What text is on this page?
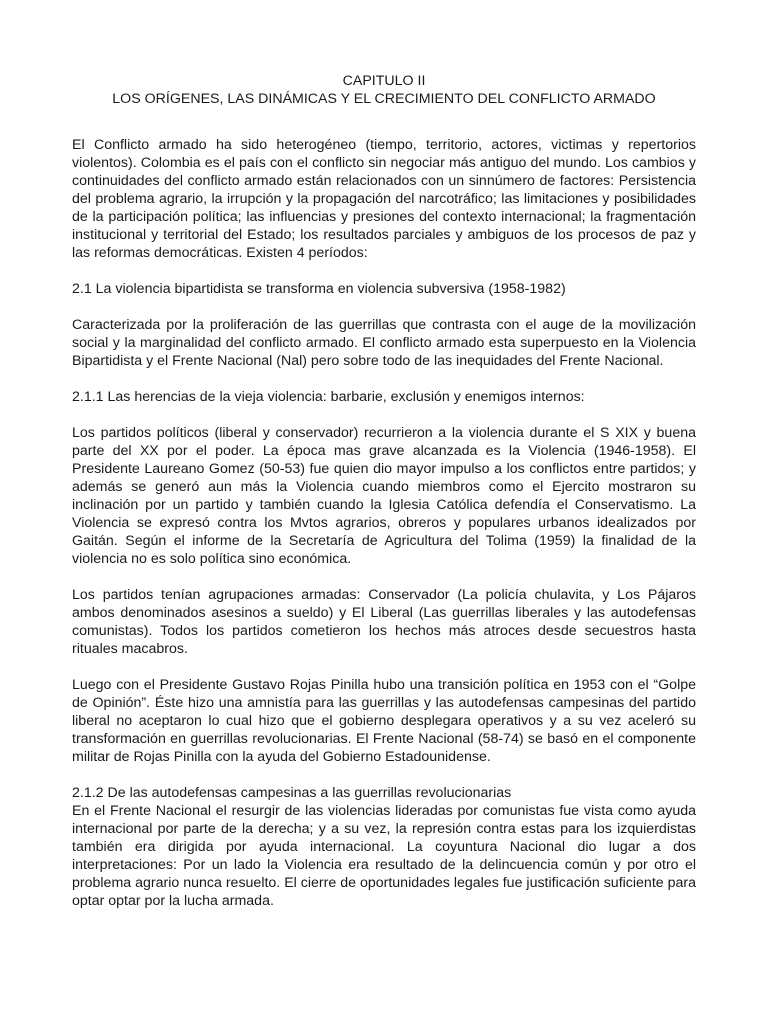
CAPITULO II

LOS ORÍGENES, LAS DINÁMICAS Y EL CRECIMIENTO DEL CONFLICTO ARMADO

El Conflicto armado ha sido heterogéneo (tiempo, territorio, actores, victimas y repertorios violentos). Colombia es el país con el conflicto sin negociar más antiguo del mundo. Los cambios y continuidades del conflicto armado están relacionados con un sinnúmero de factores: Persistencia del problema agrario, la irrupción y la propagación del narcotráfico; las limitaciones y posibilidades de la participación política; las influencias y presiones del contexto internacional; la fragmentación institucional y territorial del Estado; los resultados parciales y ambiguos de los procesos de paz y las reformas democráticas. Existen 4 períodos:

2.1 La violencia bipartidista se transforma en violencia subversiva (1958-1982)

Caracterizada por la proliferación de las guerrillas que contrasta con el auge de la movilización social y la marginalidad del conflicto armado. El conflicto armado esta superpuesto en la Violencia Bipartidista y el Frente Nacional (Nal) pero sobre todo de las inequidades del Frente Nacional.

2.1.1 Las herencias de la vieja violencia: barbarie, exclusión y enemigos internos:

Los partidos políticos (liberal y conservador) recurrieron a la violencia durante el S XIX y buena parte del XX por el poder. La época mas grave alcanzada es la Violencia (1946-1958). El Presidente Laureano Gomez (50-53) fue quien dio mayor impulso a los conflictos entre partidos; y además se generó aun más la Violencia cuando miembros como el Ejercito mostraron su inclinación por un partido y también cuando la Iglesia Católica defendía el Conservatismo. La Violencia se expresó contra los Mvtos agrarios, obreros y populares urbanos idealizados por Gaitán. Según el informe de la Secretaría de Agricultura del Tolima (1959) la finalidad de la violencia no es solo política sino económica.

Los partidos tenían agrupaciones armadas: Conservador (La policía chulavita, y Los Pájaros ambos denominados asesinos a sueldo) y El Liberal (Las guerrillas liberales y las autodefensas comunistas). Todos los partidos cometieron los hechos más atroces desde secuestros hasta rituales macabros.

Luego con el Presidente Gustavo Rojas Pinilla hubo una transición política en 1953 con el “Golpe de Opinión”. Éste hizo una amnistía para las guerrillas y las autodefensas campesinas del partido liberal no aceptaron lo cual hizo que el gobierno desplegara operativos y a su vez aceleró su transformación en guerrillas revolucionarias. El Frente Nacional (58-74) se basó en el componente militar de Rojas Pinilla con la ayuda del Gobierno Estadounidense.

2.1.2 De las autodefensas campesinas a las guerrillas revolucionarias

En el Frente Nacional el resurgir de las violencias lideradas por comunistas fue vista como ayuda internacional por parte de la derecha; y a su vez, la represión contra estas para los izquierdistas también era dirigida por ayuda internacional. La coyuntura Nacional dio lugar a dos interpretaciones: Por un lado la Violencia era resultado de la delincuencia común y por otro el problema agrario nunca resuelto. El cierre de oportunidades legales fue justificación suficiente para optar optar por la lucha armada.
